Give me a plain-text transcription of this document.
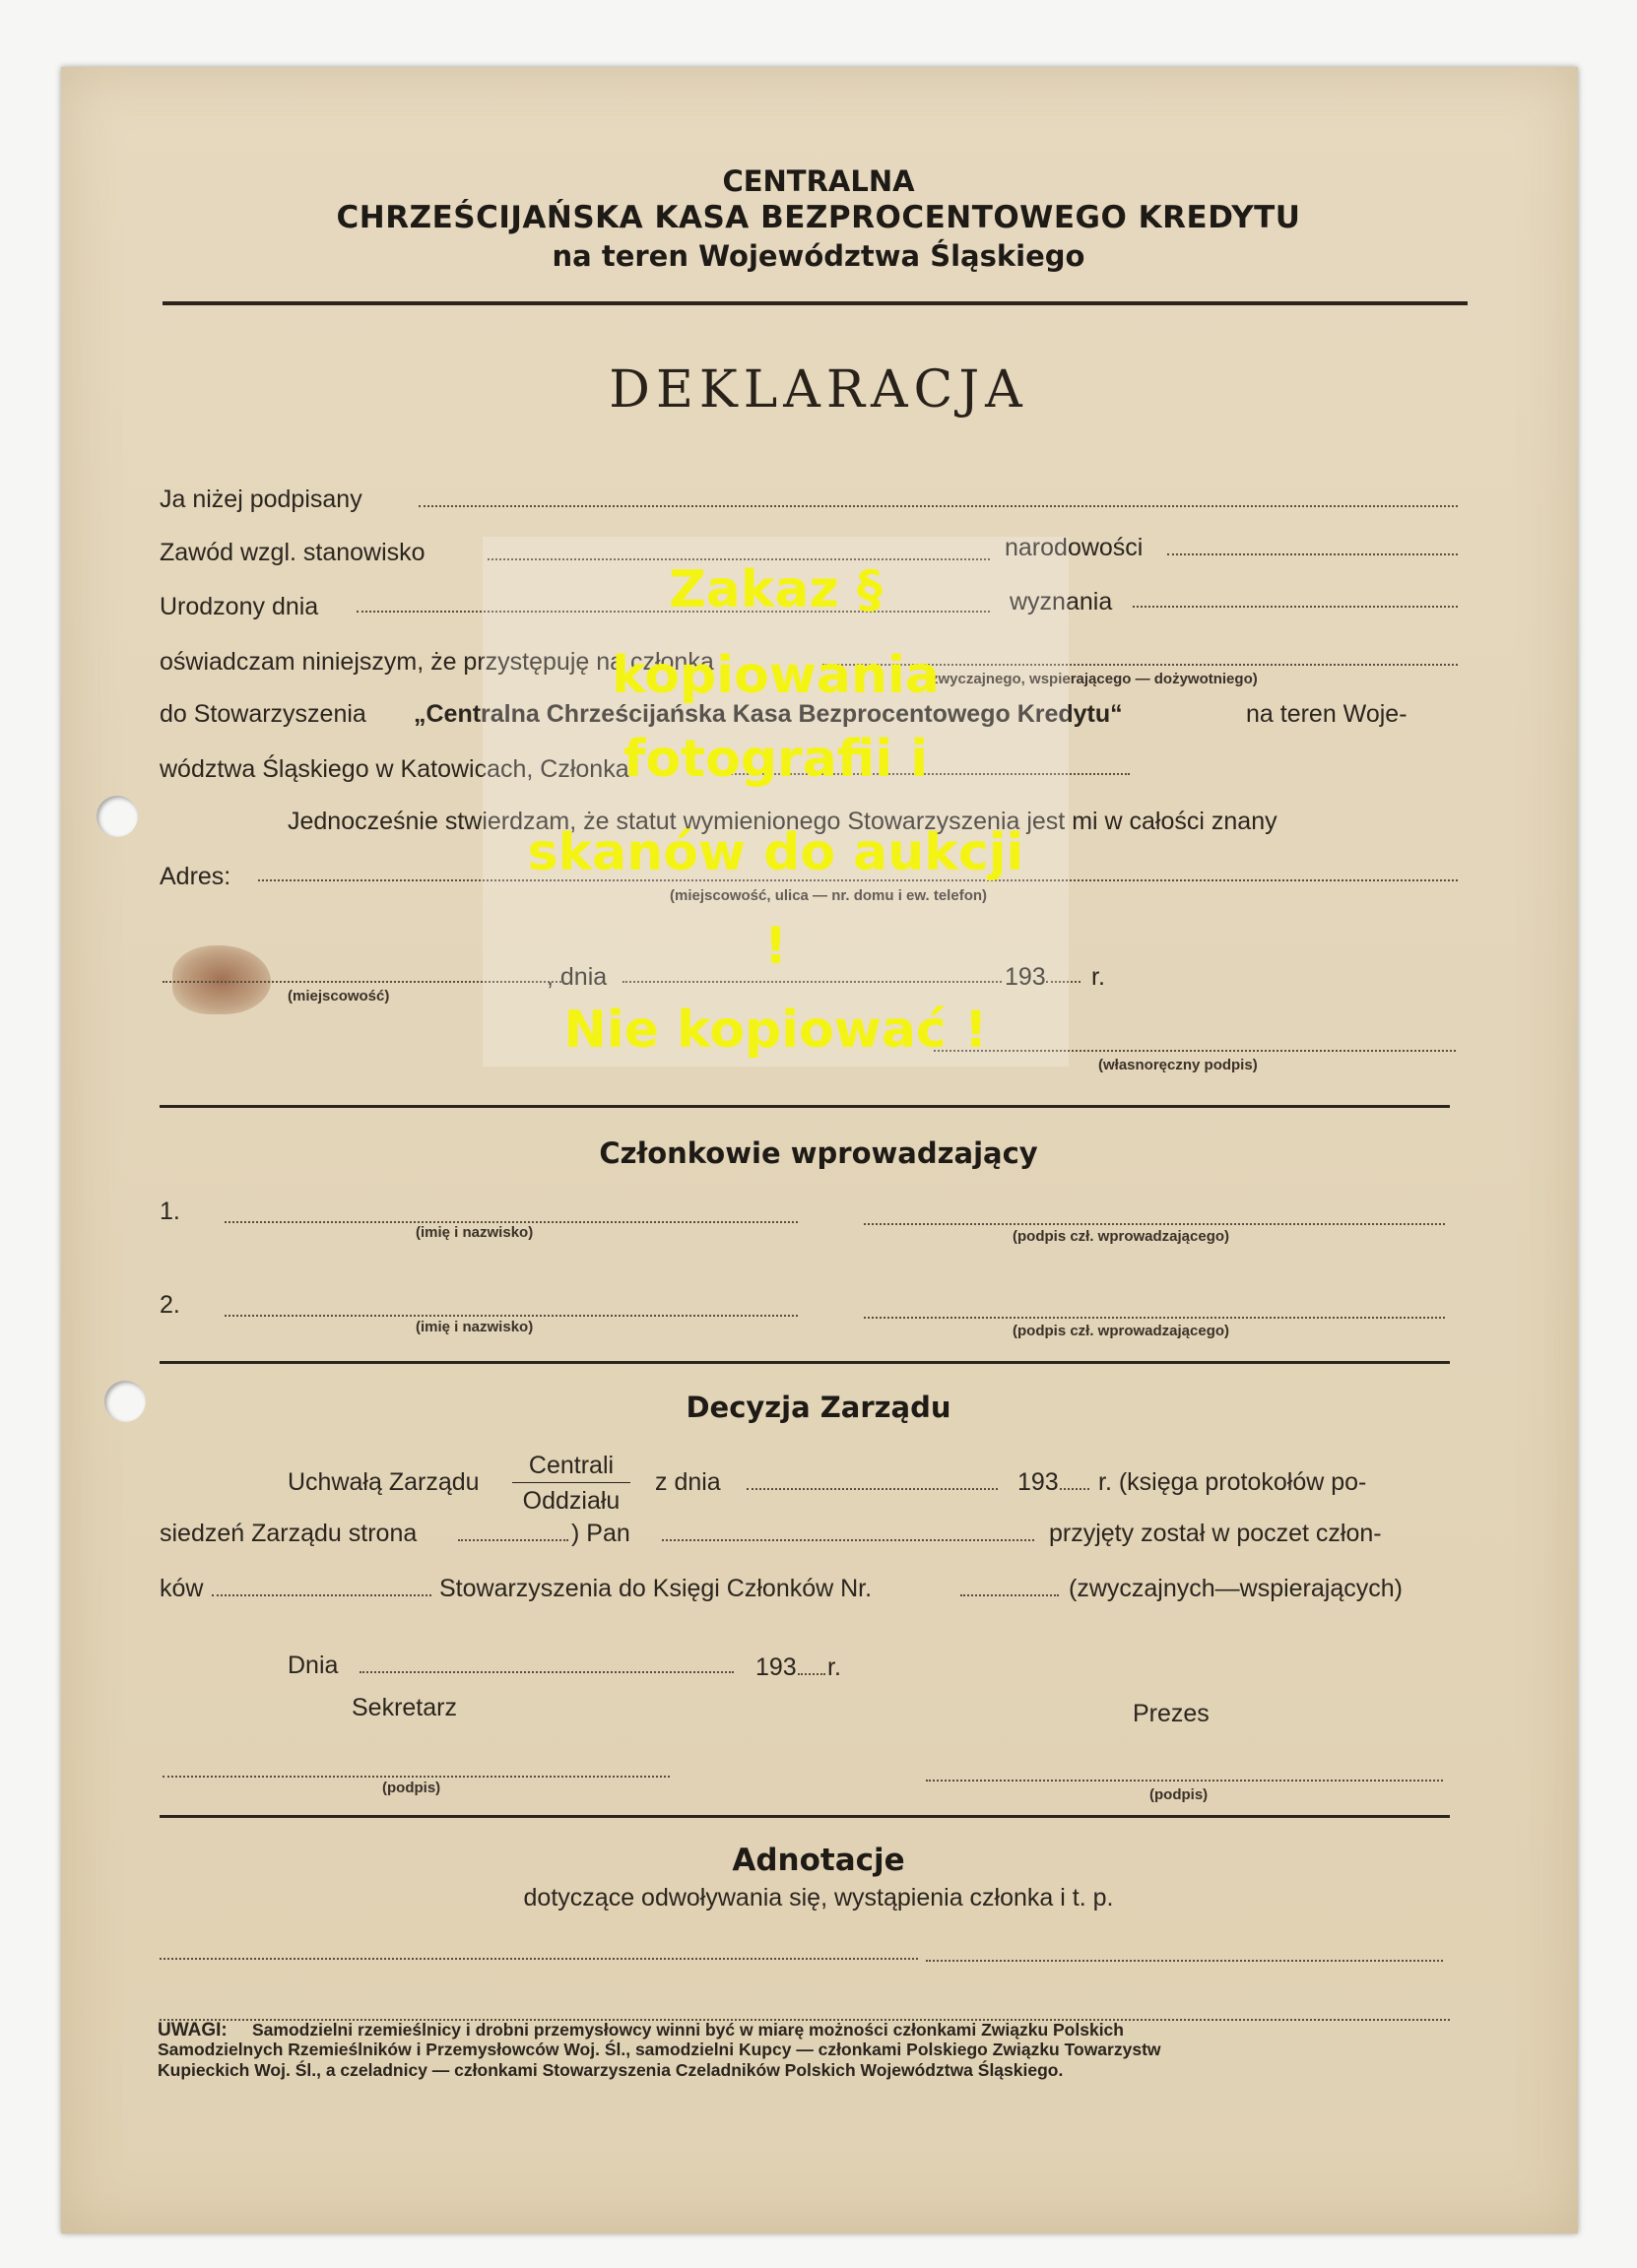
CENTRALNA
CHRZEŚCIJAŃSKA KASA BEZPROCENTOWEGO KREDYTU
na teren Województwa Śląskiego
DEKLARACJA
Ja niżej podpisany
Zawód wzgl. stanowisko	narodowości
Urodzony dnia	wyznania
oświadczam niniejszym, że przystępuję na członka
(zwyczajnego, wspierającego — dożywotniego)
do Stowarzyszenia „Centralna Chrześcijańska Kasa Bezprocentowego Kredytu“	na teren Woje-
wództwa Śląskiego w Katowicach, Członka
Jednocześnie stwierdzam, że statut wymienionego Stowarzyszenia jest mi w całości znany
Adres:
(miejscowość, ulica — nr. domu i ew. telefon)
(miejscowość)
, dnia	193 r.
(własnoręczny podpis)
Członkowie wprowadzający
1.
(imię i nazwisko)	(podpis czł. wprowadzającego)
2.
(imię i nazwisko)	(podpis czł. wprowadzającego)
Decyzja Zarządu
Uchwałą Zarządu
Centrali
Oddziału
z dnia	193 r. (księga protokołów po-
siedzeń Zarządu strona	) Pan	przyjęty został w poczet człon-
ków	Stowarzyszenia do Księgi Członków Nr.	(zwyczajnych—wspierających)
Dnia	193 r.
Sekretarz	Prezes
(podpis)	(podpis)
Adnotacje
dotyczące odwoływania się, wystąpienia członka i t. p.
UWAGI: Samodzielni rzemieślnicy i drobni przemysłowcy winni być w miarę możności członkami Związku Polskich
Samodzielnych Rzemieślników i Przemysłowców Woj. Śl., samodzielni Kupcy — członkami Polskiego Związku Towarzystw
Kupieckich Woj. Śl., a czeladnicy — członkami Stowarzyszenia Czeladników Polskich Województwa Śląskiego.
Zakaz §
kopiowania
fotografii i
skanów do aukcji
!
Nie kopiować !
